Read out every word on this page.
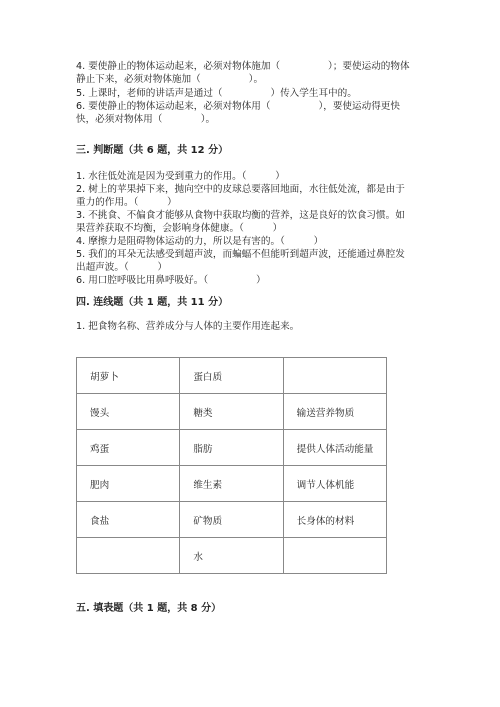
4. 要使静止的物体运动起来，必须对物体施加（　　　　　）；要使运动的物体
静止下来，必须对物体施加（　　　　　）。
5. 上课时，老师的讲话声是通过（　　　　　）传入学生耳中的。
6. 要使静止的物体运动起来，必须对物体用（　　　　　），要使运动得更快
快，必须对物体用（　　　　）。
三. 判断题（共 6 题，共 12 分）
1. 水往低处流是因为受到重力的作用。（　　　）
2. 树上的苹果掉下来，抛向空中的皮球总要落回地面，水往低处流，都是由于
重力的作用。（　　　）
3. 不挑食、不偏食才能够从食物中获取均衡的营养，这是良好的饮食习惯。如
果营养获取不均衡，会影响身体健康。（　　　）
4. 摩擦力是阻碍物体运动的力，所以是有害的。（　　　）
5. 我们的耳朵无法感受到超声波，而蝙蝠不但能听到超声波，还能通过鼻腔发
出超声波。（　　　）
6. 用口腔呼吸比用鼻呼吸好。（　　　　　）
四. 连线题（共 1 题，共 11 分）
1. 把食物名称、营养成分与人体的主要作用连起来。
胡萝卜	蛋白质	
馒头	糖类	输送营养物质
鸡蛋	脂肪	提供人体活动能量
肥肉	维生素	调节人体机能
食盐	矿物质	长身体的材料
	水	
五. 填表题（共 1 题，共 8 分）
